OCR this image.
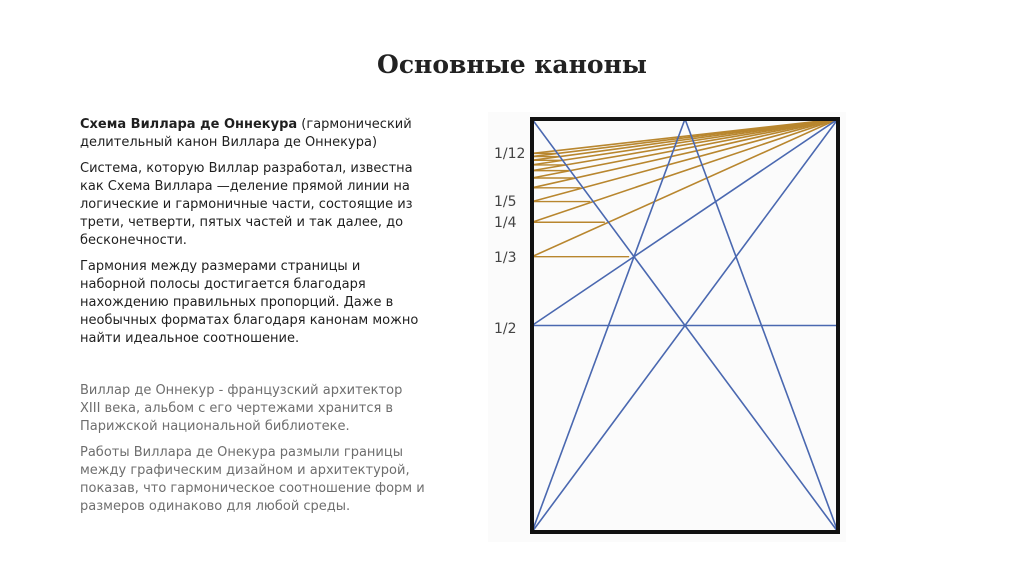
Основные каноны

Схема Виллара де Оннекура (гармонический делительный канон Виллара де Оннекура)

Система, которую Виллар разработал, известна как Схема Виллара —деление прямой линии на логические и гармоничные части, состоящие из трети, четверти, пятых частей и так далее, до бесконечности.

Гармония между размерами страницы и наборной полосы достигается благодаря нахождению правильных пропорций. Даже в необычных форматах благодаря канонам можно найти идеальное соотношение.

Виллар де Оннекур - французский архитектор XIII века, альбом с его чертежами хранится в Парижской национальной библиотеке.

Работы Виллара де Онекура размыли границы между графическим дизайном и архитектурой, показав, что гармоническое соотношение форм и размеров одинаково для любой среды.

1/12
1/5
1/4
1/3
1/2
